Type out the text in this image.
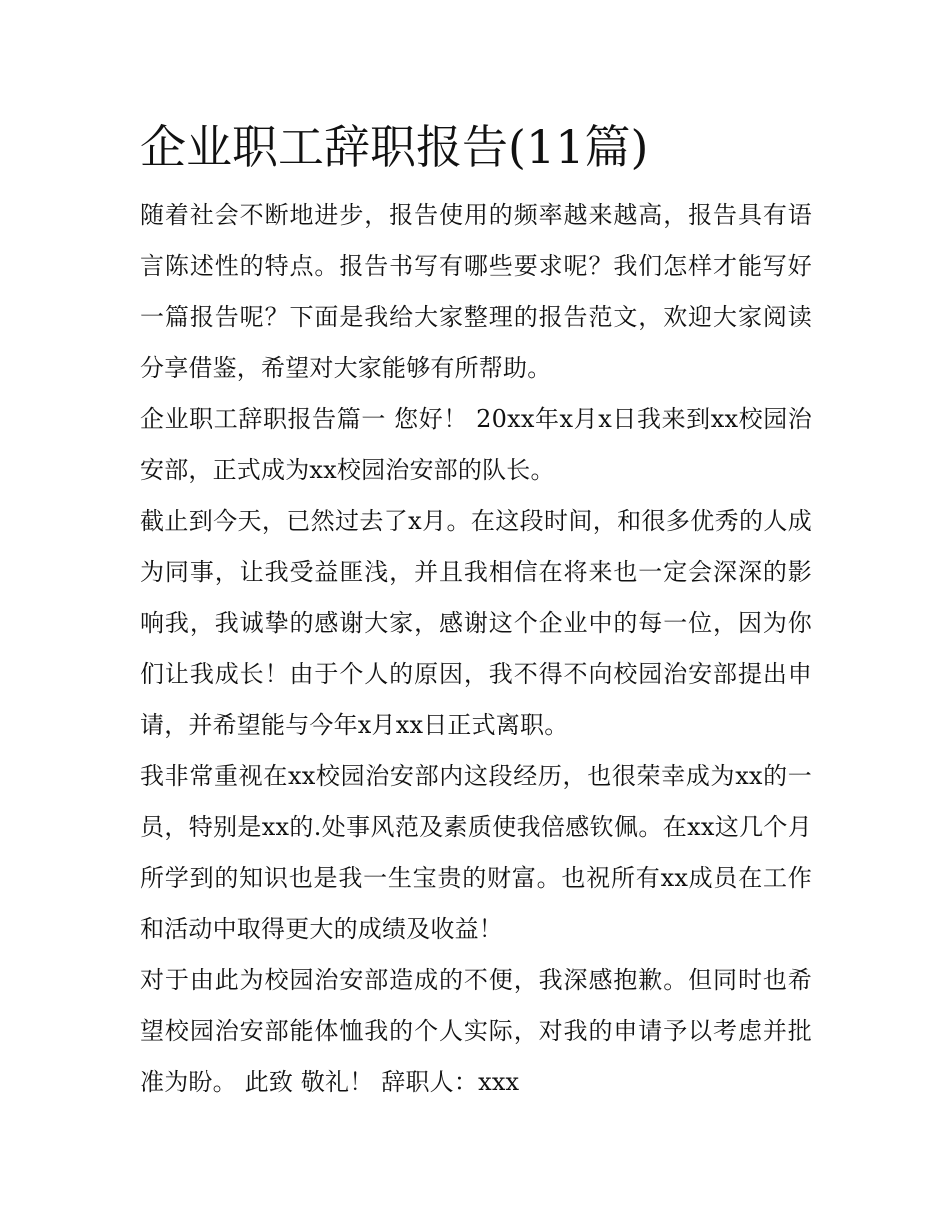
企业职工辞职报告(11篇)

随着社会不断地进步，报告使用的频率越来越高，报告具有语言陈述性的特点。报告书写有哪些要求呢？我们怎样才能写好一篇报告呢？下面是我给大家整理的报告范文，欢迎大家阅读分享借鉴，希望对大家能够有所帮助。

企业职工辞职报告篇一 您好！ 20xx年x月x日我来到xx校园治安部，正式成为xx校园治安部的队长。

截止到今天，已然过去了x月。在这段时间，和很多优秀的人成为同事，让我受益匪浅，并且我相信在将来也一定会深深的影响我，我诚挚的感谢大家，感谢这个企业中的每一位，因为你们让我成长！由于个人的原因，我不得不向校园治安部提出申请，并希望能与今年x月xx日正式离职。

我非常重视在xx校园治安部内这段经历，也很荣幸成为xx的一员，特别是xx的.处事风范及素质使我倍感钦佩。在xx这几个月所学到的知识也是我一生宝贵的财富。也祝所有xx成员在工作和活动中取得更大的成绩及收益！

对于由此为校园治安部造成的不便，我深感抱歉。但同时也希望校园治安部能体恤我的个人实际，对我的申请予以考虑并批准为盼。 此致 敬礼！ 辞职人：xxx
